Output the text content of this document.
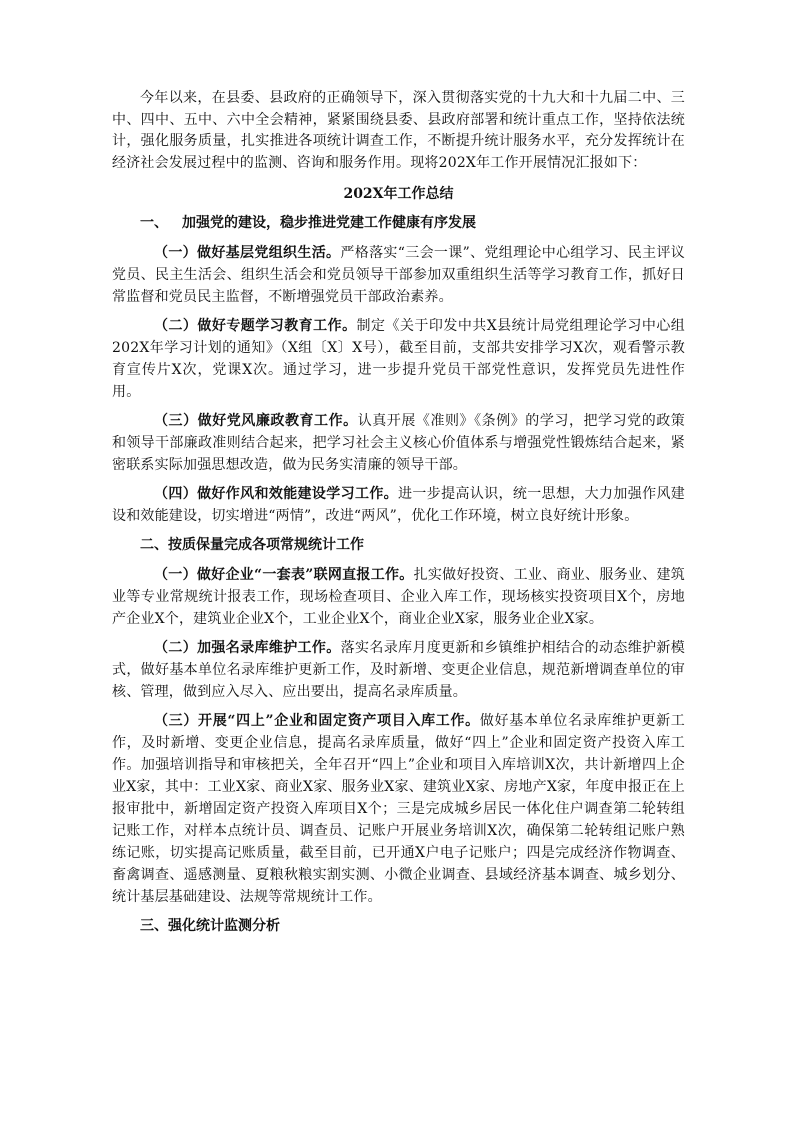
今年以来，在县委、县政府的正确领导下，深入贯彻落实党的十九大和十九届二中、三中、四中、五中、六中全会精神，紧紧围绕县委、县政府部署和统计重点工作，坚持依法统计，强化服务质量，扎实推进各项统计调查工作，不断提升统计服务水平，充分发挥统计在经济社会发展过程中的监测、咨询和服务作用。现将202X年工作开展情况汇报如下：

202X年工作总结

一、 加强党的建设，稳步推进党建工作健康有序发展

（一）做好基层党组织生活。严格落实“三会一课”、党组理论中心组学习、民主评议党员、民主生活会、组织生活会和党员领导干部参加双重组织生活等学习教育工作，抓好日常监督和党员民主监督，不断增强党员干部政治素养。

（二）做好专题学习教育工作。制定《关于印发中共X县统计局党组理论学习中心组202X年学习计划的通知》（X组〔X〕X号），截至目前，支部共安排学习X次，观看警示教育宣传片X次，党课X次。通过学习，进一步提升党员干部党性意识，发挥党员先进性作用。

（三）做好党风廉政教育工作。认真开展《准则》《条例》的学习，把学习党的政策和领导干部廉政准则结合起来，把学习社会主义核心价值体系与增强党性锻炼结合起来，紧密联系实际加强思想改造，做为民务实清廉的领导干部。

（四）做好作风和效能建设学习工作。进一步提高认识，统一思想，大力加强作风建设和效能建设，切实增进“两情”，改进“两风”，优化工作环境，树立良好统计形象。

二、按质保量完成各项常规统计工作

（一）做好企业“一套表”联网直报工作。扎实做好投资、工业、商业、服务业、建筑业等专业常规统计报表工作，现场检查项目、企业入库工作，现场核实投资项目X个，房地产企业X个，建筑业企业X个，工业企业X个，商业企业X家，服务业企业X家。

（二）加强名录库维护工作。落实名录库月度更新和乡镇维护相结合的动态维护新模式，做好基本单位名录库维护更新工作，及时新增、变更企业信息，规范新增调查单位的审核、管理，做到应入尽入、应出要出，提高名录库质量。

（三）开展“四上”企业和固定资产项目入库工作。做好基本单位名录库维护更新工作，及时新增、变更企业信息，提高名录库质量，做好“四上”企业和固定资产投资入库工作。加强培训指导和审核把关，全年召开“四上”企业和项目入库培训X次，共计新增四上企业X家，其中：工业X家、商业X家、服务业X家、建筑业X家、房地产X家，年度申报正在上报审批中，新增固定资产投资入库项目X个；三是完成城乡居民一体化住户调查第二轮转组记账工作，对样本点统计员、调查员、记账户开展业务培训X次，确保第二轮转组记账户熟练记账，切实提高记账质量，截至目前，已开通X户电子记账户；四是完成经济作物调查、畜禽调查、遥感测量、夏粮秋粮实割实测、小微企业调查、县域经济基本调查、城乡划分、统计基层基础建设、法规等常规统计工作。

三、强化统计监测分析
